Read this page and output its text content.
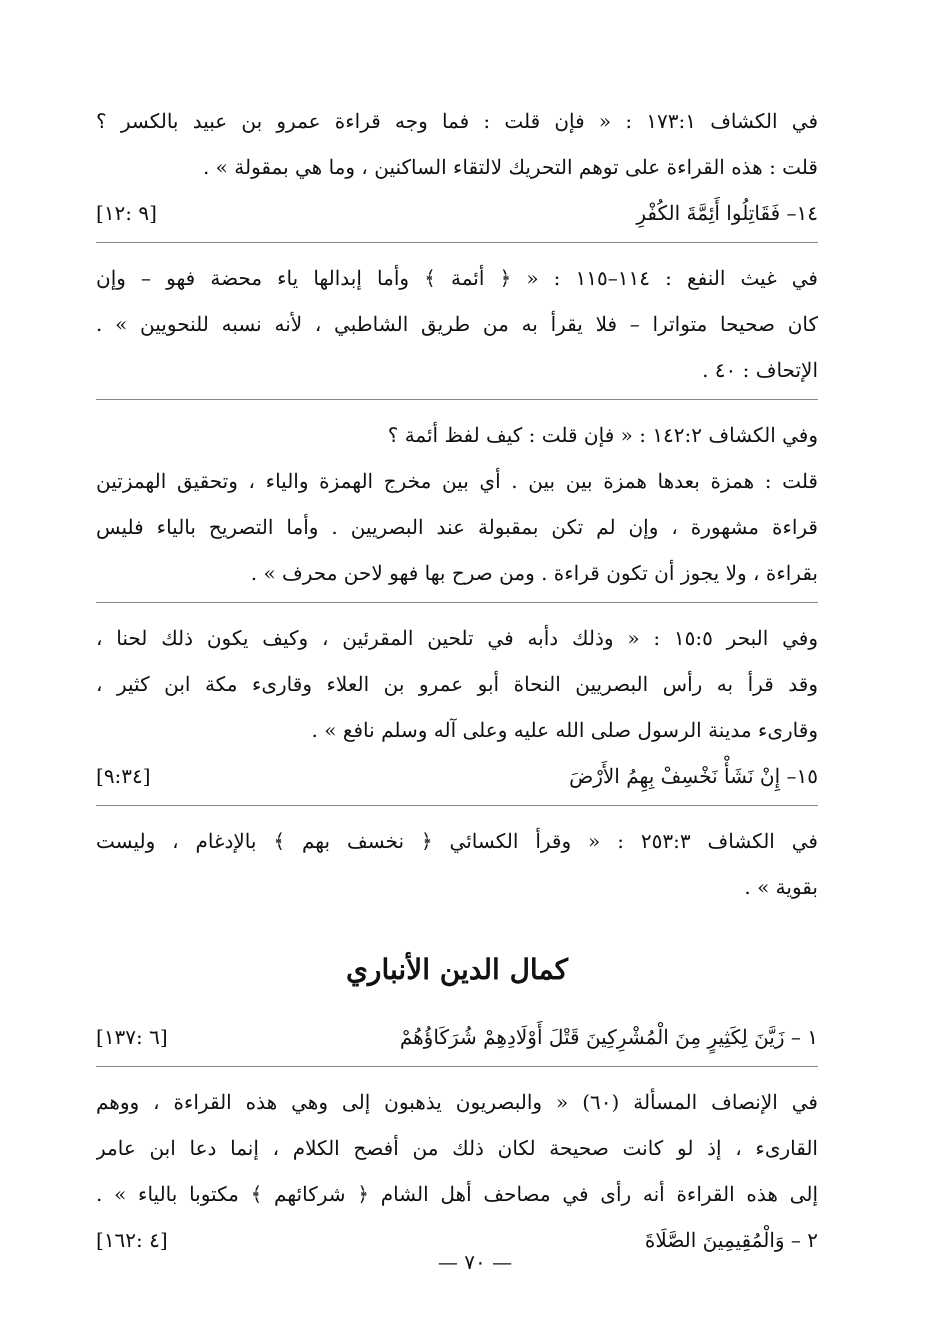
في الكشاف ١٧٣:١ : « فإن قلت : فما وجه قراءة عمرو بن عبيد بالكسر ؟
قلت : هذه القراءة على توهم التحريك لالتقاء الساكنين ، وما هي بمقولة » .
١٤– فَقَاتِلُوا أَئِمَّةَ الكُفْرِ
[٩ :١٢]
في غيث النفع : ١١٤–١١٥ : « ﴿ أئمة ﴾ وأما إبدالها ياء محضة فهو – وإن
كان صحيحا متواترا – فلا يقرأ به من طريق الشاطبي ، لأنه نسبه للنحويين » .
الإتحاف : ٤٠ .
وفي الكشاف ١٤٢:٢ : « فإن قلت : كيف لفظ أئمة ؟
قلت : همزة بعدها همزة بين بين . أي بين مخرج الهمزة والياء ، وتحقيق الهمزتين
قراءة مشهورة ، وإن لم تكن بمقبولة عند البصريين . وأما التصريح بالياء فليس
بقراءة ، ولا يجوز أن تكون قراءة . ومن صرح بها فهو لاحن محرف » .
وفي البحر ١٥:٥ : « وذلك دأبه في تلحين المقرئين ، وكيف يكون ذلك لحنا ،
وقد قرأ به رأس البصريين النحاة أبو عمرو بن العلاء وقارىء مكة ابن كثير ،
وقارىء مدينة الرسول صلى الله عليه وعلى آله وسلم نافع » .
١٥– إِنْ نَشَأْ نَخْسِفْ بِهِمُ الأَرْضَ
[٩:٣٤]
في الكشاف ٢٥٣:٣ : « وقرأ الكسائي ﴿ نخسف بهم ﴾ بالإدغام ، وليست
بقوية » .
كمال الدين الأنباري
١ – زَيَّنَ لِكَثِيرٍ مِنَ الْمُشْرِكِينَ قَتْلَ أَوْلَادِهِمْ شُرَكَاؤُهُمْ
[٦ :١٣٧]
في الإنصاف المسألة (٦٠) « والبصريون يذهبون إلى وهي هذه القراءة ، ووهم
القارىء ، إذ لو كانت صحيحة لكان ذلك من أفصح الكلام ، إنما دعا ابن عامر
إلى هذه القراءة أنه رأى في مصاحف أهل الشام ﴿ شركائهم ﴾ مكتوبا بالياء » .
٢ – وَالْمُقِيمِينَ الصَّلَاةَ
[٤ :١٦٢]
— ٧٠ —
